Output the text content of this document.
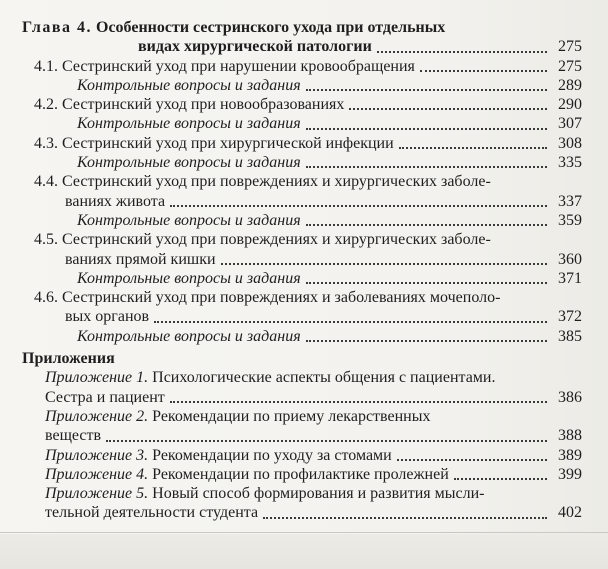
Глава 4. Особенности сестринского ухода при отдельных
видах хирургической патологии	275
4.1. Сестринский уход при нарушении кровообращения	275
Контрольные вопросы и задания	289
4.2. Сестринский уход при новообразованиях	290
Контрольные вопросы и задания	307
4.3. Сестринский уход при хирургической инфекции	308
Контрольные вопросы и задания	335
4.4. Сестринский уход при повреждениях и хирургических заболе-
ваниях живота	337
Контрольные вопросы и задания	359
4.5. Сестринский уход при повреждениях и хирургических заболе-
ваниях прямой кишки	360
Контрольные вопросы и задания	371
4.6. Сестринский уход при повреждениях и заболеваниях мочеполо-
вых органов	372
Контрольные вопросы и задания	385
Приложения
Приложение 1. Психологические аспекты общения с пациентами.
Сестра и пациент	386
Приложение 2. Рекомендации по приему лекарственных
веществ	388
Приложение 3. Рекомендации по уходу за стомами	389
Приложение 4. Рекомендации по профилактике пролежней	399
Приложение 5. Новый способ формирования и развития мысли-
тельной деятельности студента	402
